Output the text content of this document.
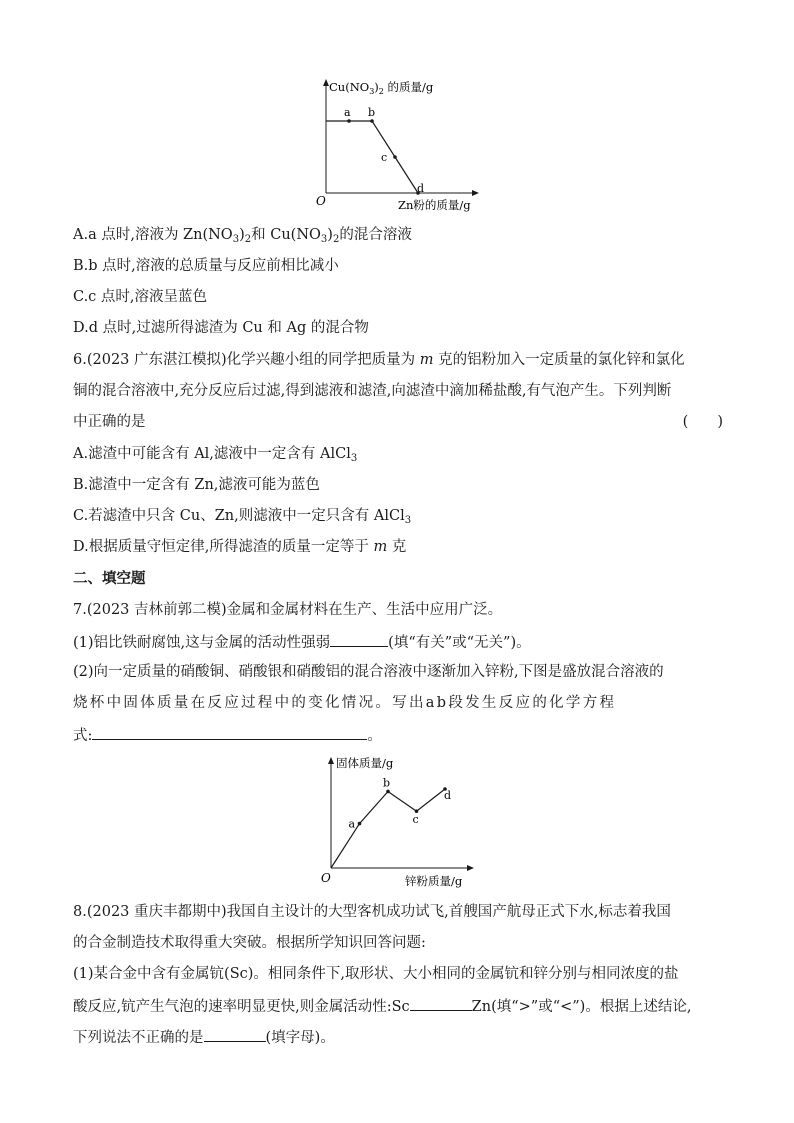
a b
c
d
O
$Cu(NO_3)_2$ 的质量/g
Zn粉的质量/g
A.a 点时,溶液为 $Zn(NO_3)_2$和 $Cu(NO_3)_2$的混合溶液
B.b 点时,溶液的总质量与反应前相比减小
C.c 点时,溶液呈蓝色
D.d 点时,过滤所得滤渣为 Cu 和 Ag 的混合物
6.(2023 广东湛江模拟)化学兴趣小组的同学把质量为 m 克的铝粉加入一定质量的氯化锌和氯化
铜的混合溶液中,充分反应后过滤,得到滤液和滤渣,向滤渣中滴加稀盐酸,有气泡产生。下列判断
中正确的是	(　　)
A.滤渣中可能含有 Al,滤液中一定含有 AlCl$_3$
B.滤渣中一定含有 Zn,滤液可能为蓝色
C.若滤渣中只含 Cu、Zn,则滤液中一定只含有 AlCl$_3$
D.根据质量守恒定律,所得滤渣的质量一定等于 m 克
二、填空题
7.(2023 吉林前郭二模)金属和金属材料在生产、生活中应用广泛。
(1)铝比铁耐腐蚀,这与金属的活动性强弱	(填“有关”或“无关”)。
(2)向一定质量的硝酸铜、硝酸银和硝酸铝的混合溶液中逐渐加入锌粉,下图是盛放混合溶液的
烧杯中固体质量在反应过程中的变化情况。写出ab段发生反应的化学方程
式:	。
a
b
c
d
O
固体质量/g
锌粉质量/g
8.(2023 重庆丰都期中)我国自主设计的大型客机成功试飞,首艘国产航母正式下水,标志着我国
的合金制造技术取得重大突破。根据所学知识回答问题:
(1)某合金中含有金属钪(Sc)。相同条件下,取形状、大小相同的金属钪和锌分别与相同浓度的盐
酸反应,钪产生气泡的速率明显更快,则金属活动性:Sc	Zn(填“>”或“<”)。根据上述结论,
下列说法不正确的是	(填字母)。
